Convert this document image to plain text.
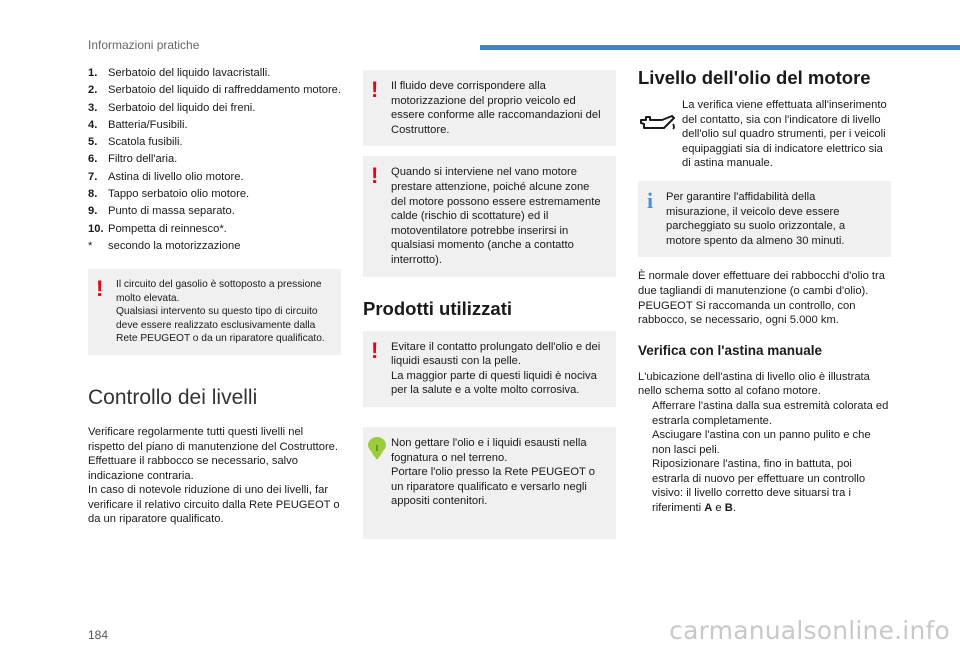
Informazioni pratiche
1. Serbatoio del liquido lavacristalli.
2. Serbatoio del liquido di raffreddamento motore.
3. Serbatoio del liquido dei freni.
4. Batteria/Fusibili.
5. Scatola fusibili.
6. Filtro dell'aria.
7. Astina di livello olio motore.
8. Tappo serbatoio olio motore.
9. Punto di massa separato.
10. Pompetta di reinnesco*.
*	secondo la motorizzazione
! Il circuito del gasolio è sottoposto a pressione molto elevata.

Qualsiasi intervento su questo tipo di circuito deve essere realizzato esclusivamente dalla Rete PEUGEOT o da un riparatore qualificato.

Controllo dei livelli

Verificare regolarmente tutti questi livelli nel rispetto del piano di manutenzione del Costruttore. Effettuare il rabbocco se necessario, salvo indicazione contraria.

In caso di notevole riduzione di uno dei livelli, far verificare il relativo circuito dalla Rete PEUGEOT o da un riparatore qualificato.

! Il fluido deve corrispondere alla motorizzazione del proprio veicolo ed essere conforme alle raccomandazioni del Costruttore.

! Quando si interviene nel vano motore prestare attenzione, poiché alcune zone del motore possono essere estremamente calde (rischio di scottature) ed il motoventilatore potrebbe inserirsi in qualsiasi momento (anche a contatto interrotto).

Prodotti utilizzati
! Evitare il contatto prolungato dell'olio e dei liquidi esausti con la pelle.

La maggior parte di questi liquidi è nociva per la salute e a volte molto corrosiva.

Non gettare l'olio e i liquidi esausti nella fognatura o nel terreno.

Portare l'olio presso la Rete PEUGEOT o un riparatore qualificato e versarlo negli appositi contenitori.

Livello dell'olio del motore

La verifica viene effettuata all'inserimento del contatto, sia con l'indicatore di livello dell'olio sul quadro strumenti, per i veicoli equipaggiati sia di indicatore elettrico sia di astina manuale.

i Per garantire l'affidabilità della misurazione, il veicolo deve essere parcheggiato su suolo orizzontale, a motore spento da almeno 30 minuti.

È normale dover effettuare dei rabbocchi d'olio tra due tagliandi di manutenzione (o cambi d'olio). PEUGEOT Si raccomanda un controllo, con rabbocco, se necessario, ogni 5.000 km.

Verifica con l'astina manuale

L'ubicazione dell'astina di livello olio è illustrata nello schema sotto al cofano motore.

Afferrare l'astina dalla sua estremità colorata ed estrarla completamente.
Asciugare l'astina con un panno pulito e che non lasci peli.
Riposizionare l'astina, fino in battuta, poi estrarla di nuovo per effettuare un controllo visivo: il livello corretto deve situarsi tra i riferimenti A e B.
184	carmanualsonline.info
